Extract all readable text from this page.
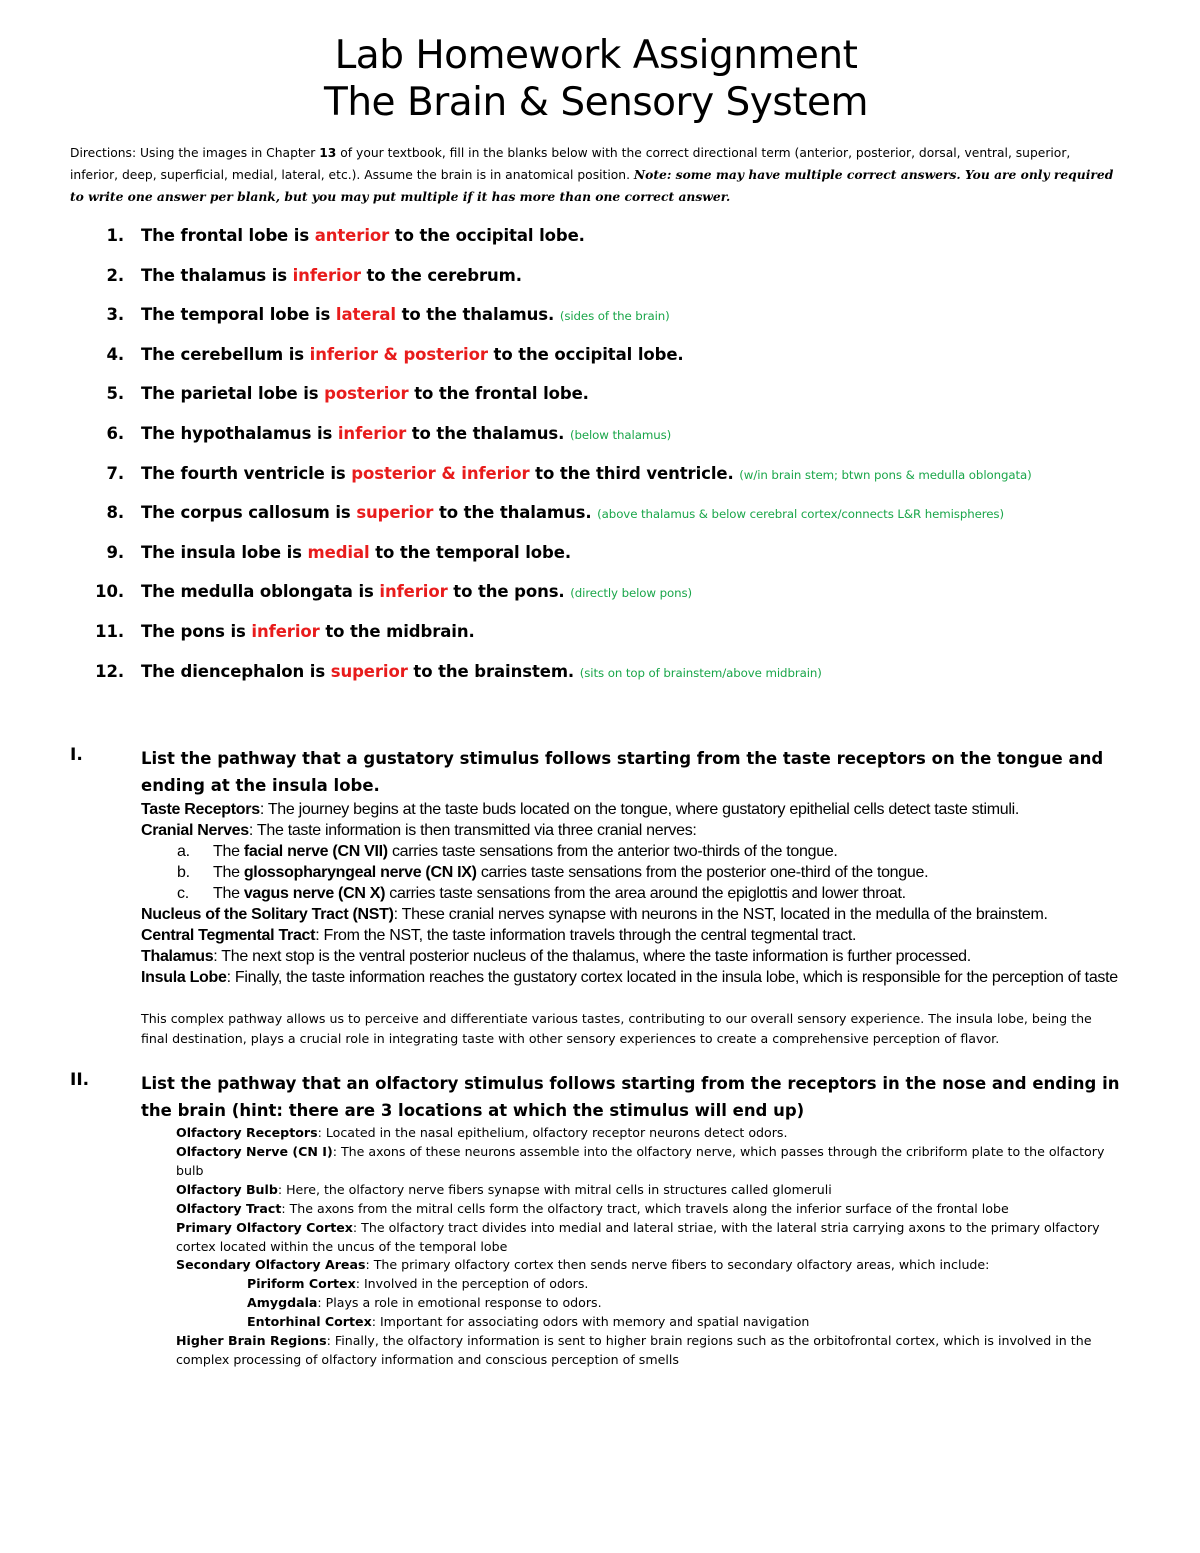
Lab Homework Assignment
The Brain & Sensory System

Directions: Using the images in Chapter 13 of your textbook, fill in the blanks below with the correct directional term (anterior, posterior, dorsal, ventral, superior, inferior, deep, superficial, medial, lateral, etc.). Assume the brain is in anatomical position. Note: some may have multiple correct answers. You are only required to write one answer per blank, but you may put multiple if it has more than one correct answer.

1. The frontal lobe is anterior to the occipital lobe.
2. The thalamus is inferior to the cerebrum.
3. The temporal lobe is lateral to the thalamus. (sides of the brain)
4. The cerebellum is inferior & posterior to the occipital lobe.
5. The parietal lobe is posterior to the frontal lobe.
6. The hypothalamus is inferior to the thalamus. (below thalamus)
7. The fourth ventricle is posterior & inferior to the third ventricle. (w/in brain stem; btwn pons & medulla oblongata)
8. The corpus callosum is superior to the thalamus. (above thalamus & below cerebral cortex/connects L&R hemispheres)
9. The insula lobe is medial to the temporal lobe.
10. The medulla oblongata is inferior to the pons. (directly below pons)
11. The pons is inferior to the midbrain.
12. The diencephalon is superior to the brainstem. (sits on top of brainstem/above midbrain)
I.	List the pathway that a gustatory stimulus follows starting from the taste receptors on the tongue and ending at the insula lobe.

Taste Receptors: The journey begins at the taste buds located on the tongue, where gustatory epithelial cells detect taste stimuli.

Cranial Nerves: The taste information is then transmitted via three cranial nerves:

a. The facial nerve (CN VII) carries taste sensations from the anterior two-thirds of the tongue.

b. The glossopharyngeal nerve (CN IX) carries taste sensations from the posterior one-third of the tongue.

c. The vagus nerve (CN X) carries taste sensations from the area around the epiglottis and lower throat.

Nucleus of the Solitary Tract (NST): These cranial nerves synapse with neurons in the NST, located in the medulla of the brainstem.

Central Tegmental Tract: From the NST, the taste information travels through the central tegmental tract.

Thalamus: The next stop is the ventral posterior nucleus of the thalamus, where the taste information is further processed.

Insula Lobe: Finally, the taste information reaches the gustatory cortex located in the insula lobe, which is responsible for the perception of taste

This complex pathway allows us to perceive and differentiate various tastes, contributing to our overall sensory experience. The insula lobe, being the final destination, plays a crucial role in integrating taste with other sensory experiences to create a comprehensive perception of flavor.

II.	List the pathway that an olfactory stimulus follows starting from the receptors in the nose and ending in the brain (hint: there are 3 locations at which the stimulus will end up)

Olfactory Receptors: Located in the nasal epithelium, olfactory receptor neurons detect odors.

Olfactory Nerve (CN I): The axons of these neurons assemble into the olfactory nerve, which passes through the cribriform plate to the olfactory bulb

Olfactory Bulb: Here, the olfactory nerve fibers synapse with mitral cells in structures called glomeruli

Olfactory Tract: The axons from the mitral cells form the olfactory tract, which travels along the inferior surface of the frontal lobe

Primary Olfactory Cortex: The olfactory tract divides into medial and lateral striae, with the lateral stria carrying axons to the primary olfactory cortex located within the uncus of the temporal lobe

Secondary Olfactory Areas: The primary olfactory cortex then sends nerve fibers to secondary olfactory areas, which include:

Piriform Cortex: Involved in the perception of odors.

Amygdala: Plays a role in emotional response to odors.

Entorhinal Cortex: Important for associating odors with memory and spatial navigation

Higher Brain Regions: Finally, the olfactory information is sent to higher brain regions such as the orbitofrontal cortex, which is involved in the complex processing of olfactory information and conscious perception of smells
